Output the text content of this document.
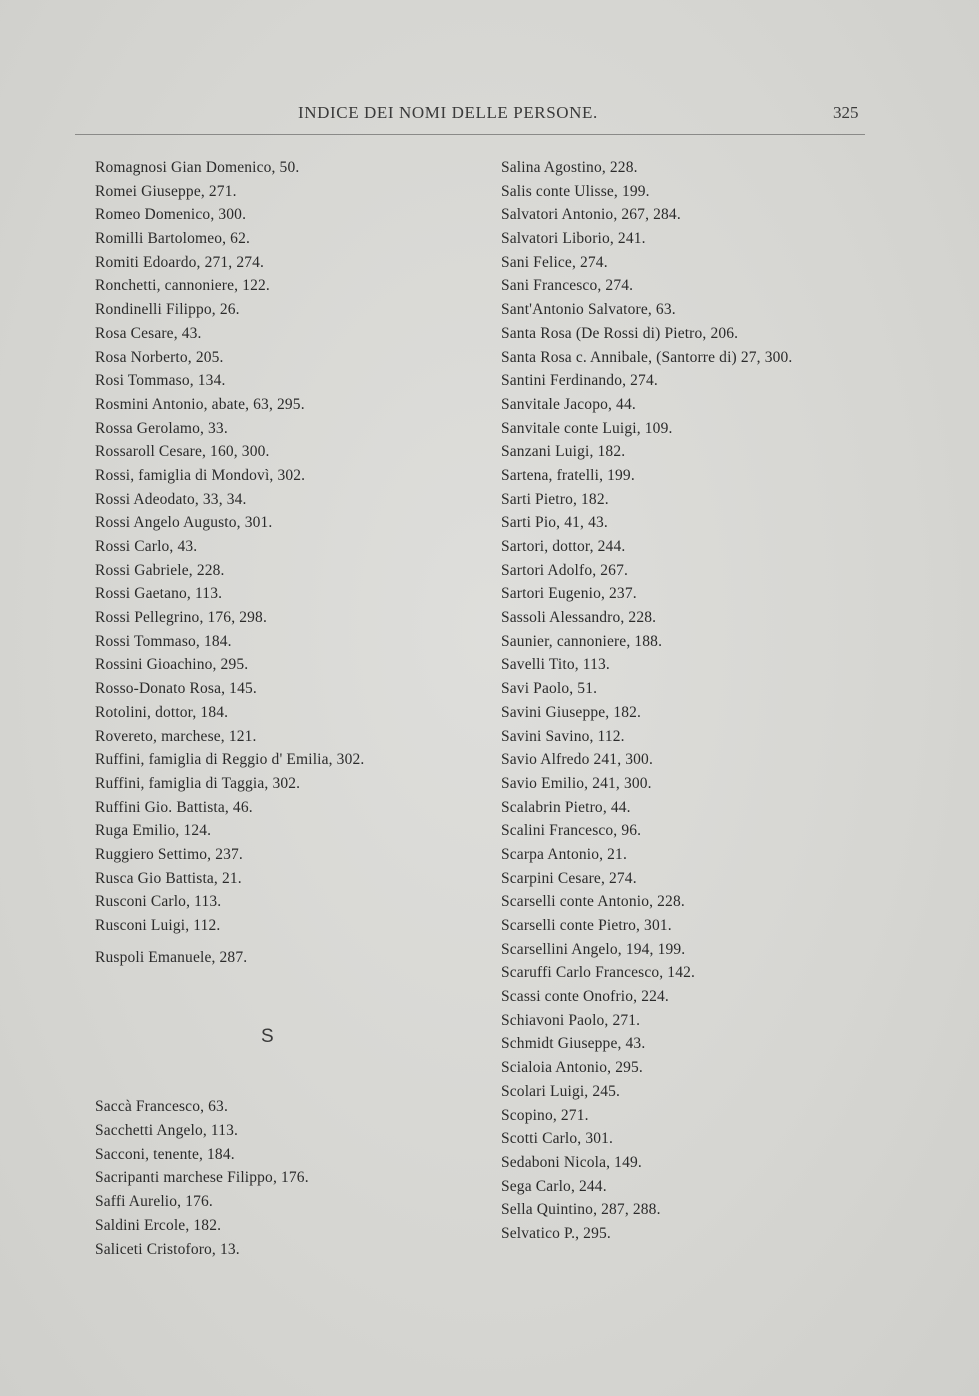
INDICE DEI NOMI DELLE PERSONE.	325
Romagnosi Gian Domenico, 50.
Romei Giuseppe, 271.
Romeo Domenico, 300.
Romilli Bartolomeo, 62.
Romiti Edoardo, 271, 274.
Ronchetti, cannoniere, 122.
Rondinelli Filippo, 26.
Rosa Cesare, 43.
Rosa Norberto, 205.
Rosi Tommaso, 134.
Rosmini Antonio, abate, 63, 295.
Rossa Gerolamo, 33.
Rossaroll Cesare, 160, 300.
Rossi, famiglia di Mondovì, 302.
Rossi Adeodato, 33, 34.
Rossi Angelo Augusto, 301.
Rossi Carlo, 43.
Rossi Gabriele, 228.
Rossi Gaetano, 113.
Rossi Pellegrino, 176, 298.
Rossi Tommaso, 184.
Rossini Gioachino, 295.
Rosso-Donato Rosa, 145.
Rotolini, dottor, 184.
Rovereto, marchese, 121.
Ruffini, famiglia di Reggio d' Emilia, 302.
Ruffini, famiglia di Taggia, 302.
Ruffini Gio. Battista, 46.
Ruga Emilio, 124.
Ruggiero Settimo, 237.
Rusca Gio Battista, 21.
Rusconi Carlo, 113.
Rusconi Luigi, 112.
Ruspoli Emanuele, 287.
S
Saccà Francesco, 63.
Sacchetti Angelo, 113.
Sacconi, tenente, 184.
Sacripanti marchese Filippo, 176.
Saffi Aurelio, 176.
Saldini Ercole, 182.
Saliceti Cristoforo, 13.
Salina Agostino, 228.
Salis conte Ulisse, 199.
Salvatori Antonio, 267, 284.
Salvatori Liborio, 241.
Sani Felice, 274.
Sani Francesco, 274.
Sant'Antonio Salvatore, 63.
Santa Rosa (De Rossi di) Pietro, 206.
Santa Rosa c. Annibale, (Santorre di) 27, 300.
Santini Ferdinando, 274.
Sanvitale Jacopo, 44.
Sanvitale conte Luigi, 109.
Sanzani Luigi, 182.
Sartena, fratelli, 199.
Sarti Pietro, 182.
Sarti Pio, 41, 43.
Sartori, dottor, 244.
Sartori Adolfo, 267.
Sartori Eugenio, 237.
Sassoli Alessandro, 228.
Saunier, cannoniere, 188.
Savelli Tito, 113.
Savi Paolo, 51.
Savini Giuseppe, 182.
Savini Savino, 112.
Savio Alfredo 241, 300.
Savio Emilio, 241, 300.
Scalabrin Pietro, 44.
Scalini Francesco, 96.
Scarpa Antonio, 21.
Scarpini Cesare, 274.
Scarselli conte Antonio, 228.
Scarselli conte Pietro, 301.
Scarsellini Angelo, 194, 199.
Scaruffi Carlo Francesco, 142.
Scassi conte Onofrio, 224.
Schiavoni Paolo, 271.
Schmidt Giuseppe, 43.
Scialoia Antonio, 295.
Scolari Luigi, 245.
Scopino, 271.
Scotti Carlo, 301.
Sedaboni Nicola, 149.
Sega Carlo, 244.
Sella Quintino, 287, 288.
Selvatico P., 295.
